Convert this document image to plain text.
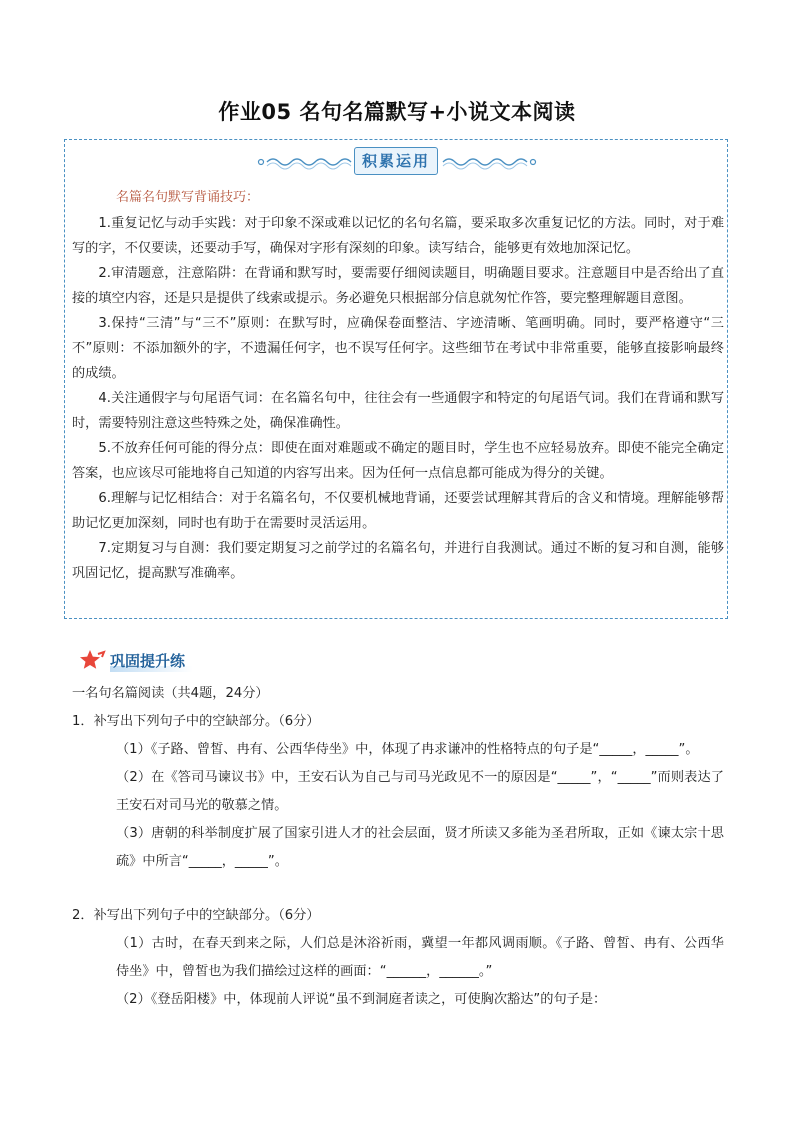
作业05 名句名篇默写+小说文本阅读
积累运用
名篇名句默写背诵技巧：

1.重复记忆与动手实践：对于印象不深或难以记忆的名句名篇，要采取多次重复记忆的方法。同时，对于难写的字，不仅要读，还要动手写，确保对字形有深刻的印象。读写结合，能够更有效地加深记忆。

2.审清题意，注意陷阱：在背诵和默写时，要需要仔细阅读题目，明确题目要求。注意题目中是否给出了直接的填空内容，还是只是提供了线索或提示。务必避免只根据部分信息就匆忙作答，要完整理解题目意图。

3.保持“三清”与“三不”原则：在默写时，应确保卷面整洁、字迹清晰、笔画明确。同时，要严格遵守“三不”原则：不添加额外的字，不遗漏任何字，也不误写任何字。这些细节在考试中非常重要，能够直接影响最终的成绩。

4.关注通假字与句尾语气词：在名篇名句中，往往会有一些通假字和特定的句尾语气词。我们在背诵和默写时，需要特别注意这些特殊之处，确保准确性。

5.不放弃任何可能的得分点：即使在面对难题或不确定的题目时，学生也不应轻易放弃。即使不能完全确定答案，也应该尽可能地将自己知道的内容写出来。因为任何一点信息都可能成为得分的关键。

6.理解与记忆相结合：对于名篇名句，不仅要机械地背诵，还要尝试理解其背后的含义和情境。理解能够帮助记忆更加深刻，同时也有助于在需要时灵活运用。

7.定期复习与自测：我们要定期复习之前学过的名篇名句，并进行自我测试。通过不断的复习和自测，能够巩固记忆，提高默写准确率。

巩固提升练
一名句名篇阅读（共4题，24分）
1．补写出下列句子中的空缺部分。（6分）
（1）《子路、曾皙、冉有、公西华侍坐》中，体现了冉求谦冲的性格特点的句子是“_____，_____”。
（2）在《答司马谏议书》中，王安石认为自己与司马光政见不一的原因是“_____”，“_____”而则表达了王安石对司马光的敬慕之情。
（3）唐朝的科举制度扩展了国家引进人才的社会层面，贤才所读又多能为圣君所取，正如《谏太宗十思疏》中所言“_____，_____”。
2．补写出下列句子中的空缺部分。（6分）
（1）古时，在春天到来之际，人们总是沐浴祈雨，冀望一年都风调雨顺。《子路、曾皙、冉有、公西华侍坐》中，曾皙也为我们描绘过这样的画面：“______，______。”
（2）《登岳阳楼》中，体现前人评说“虽不到洞庭者读之，可使胸次豁达”的句子是：
